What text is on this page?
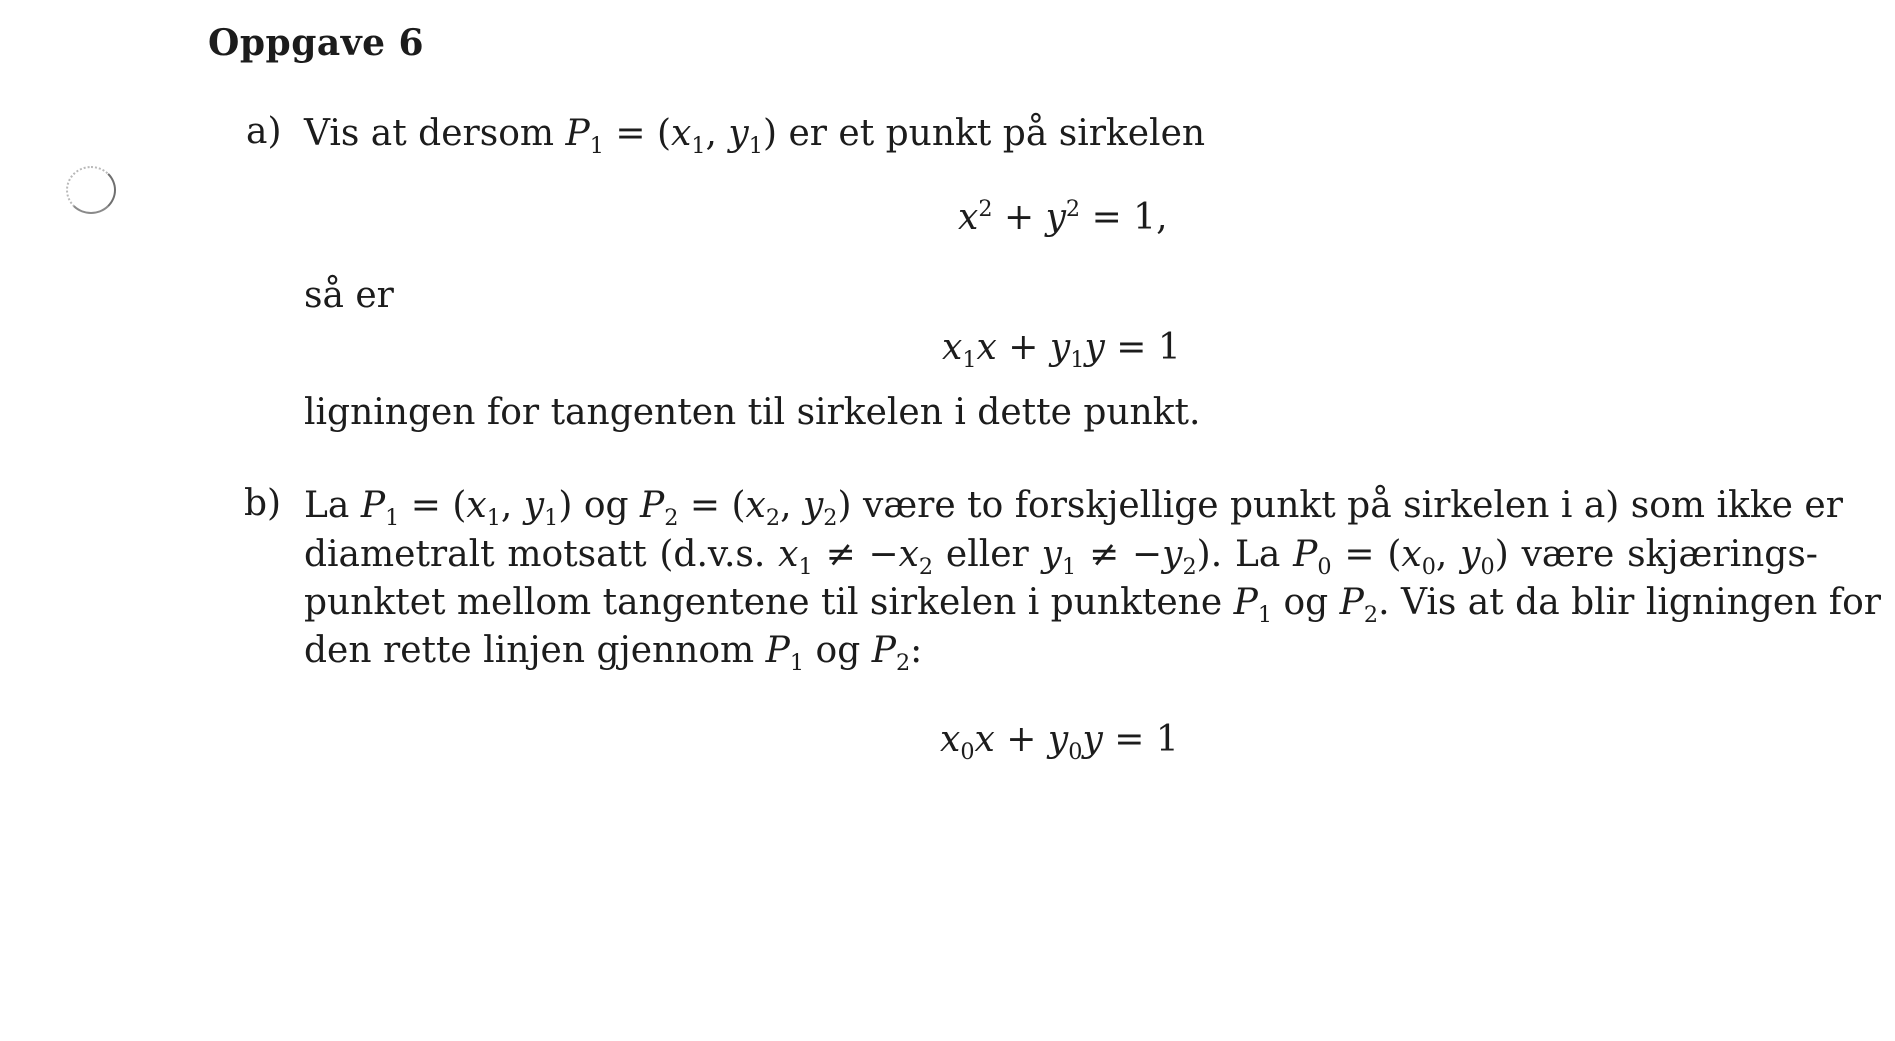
Oppgave 6
a) Vis at dersom $P_1 = (x_1$, $y_1$) er et punkt på sirkelen
$x^2 + y^2 = 1$,
så er
$x_1x + y_1y = 1$
ligningen for tangenten til sirkelen i dette punkt.
b) La $P_1 = (x_1$, $y_1$) og $P_2 = (x_2$, $y_2$) være to forskjellige punkt på sirkelen i a) som ikke er
diametralt motsatt (d.v.s. $x_1 \ne -x_2$ eller $y_1 \ne -y_2$). La $P_0 = (x_0$, $y_0$) være skjærings-
punktet mellom tangentene til sirkelen i punktene $P_1$ og $P_2$. Vis at da blir ligningen for
den rette linjen gjennom $P_1$ og $P_2$:
$x_0x + y_0y = 1$
